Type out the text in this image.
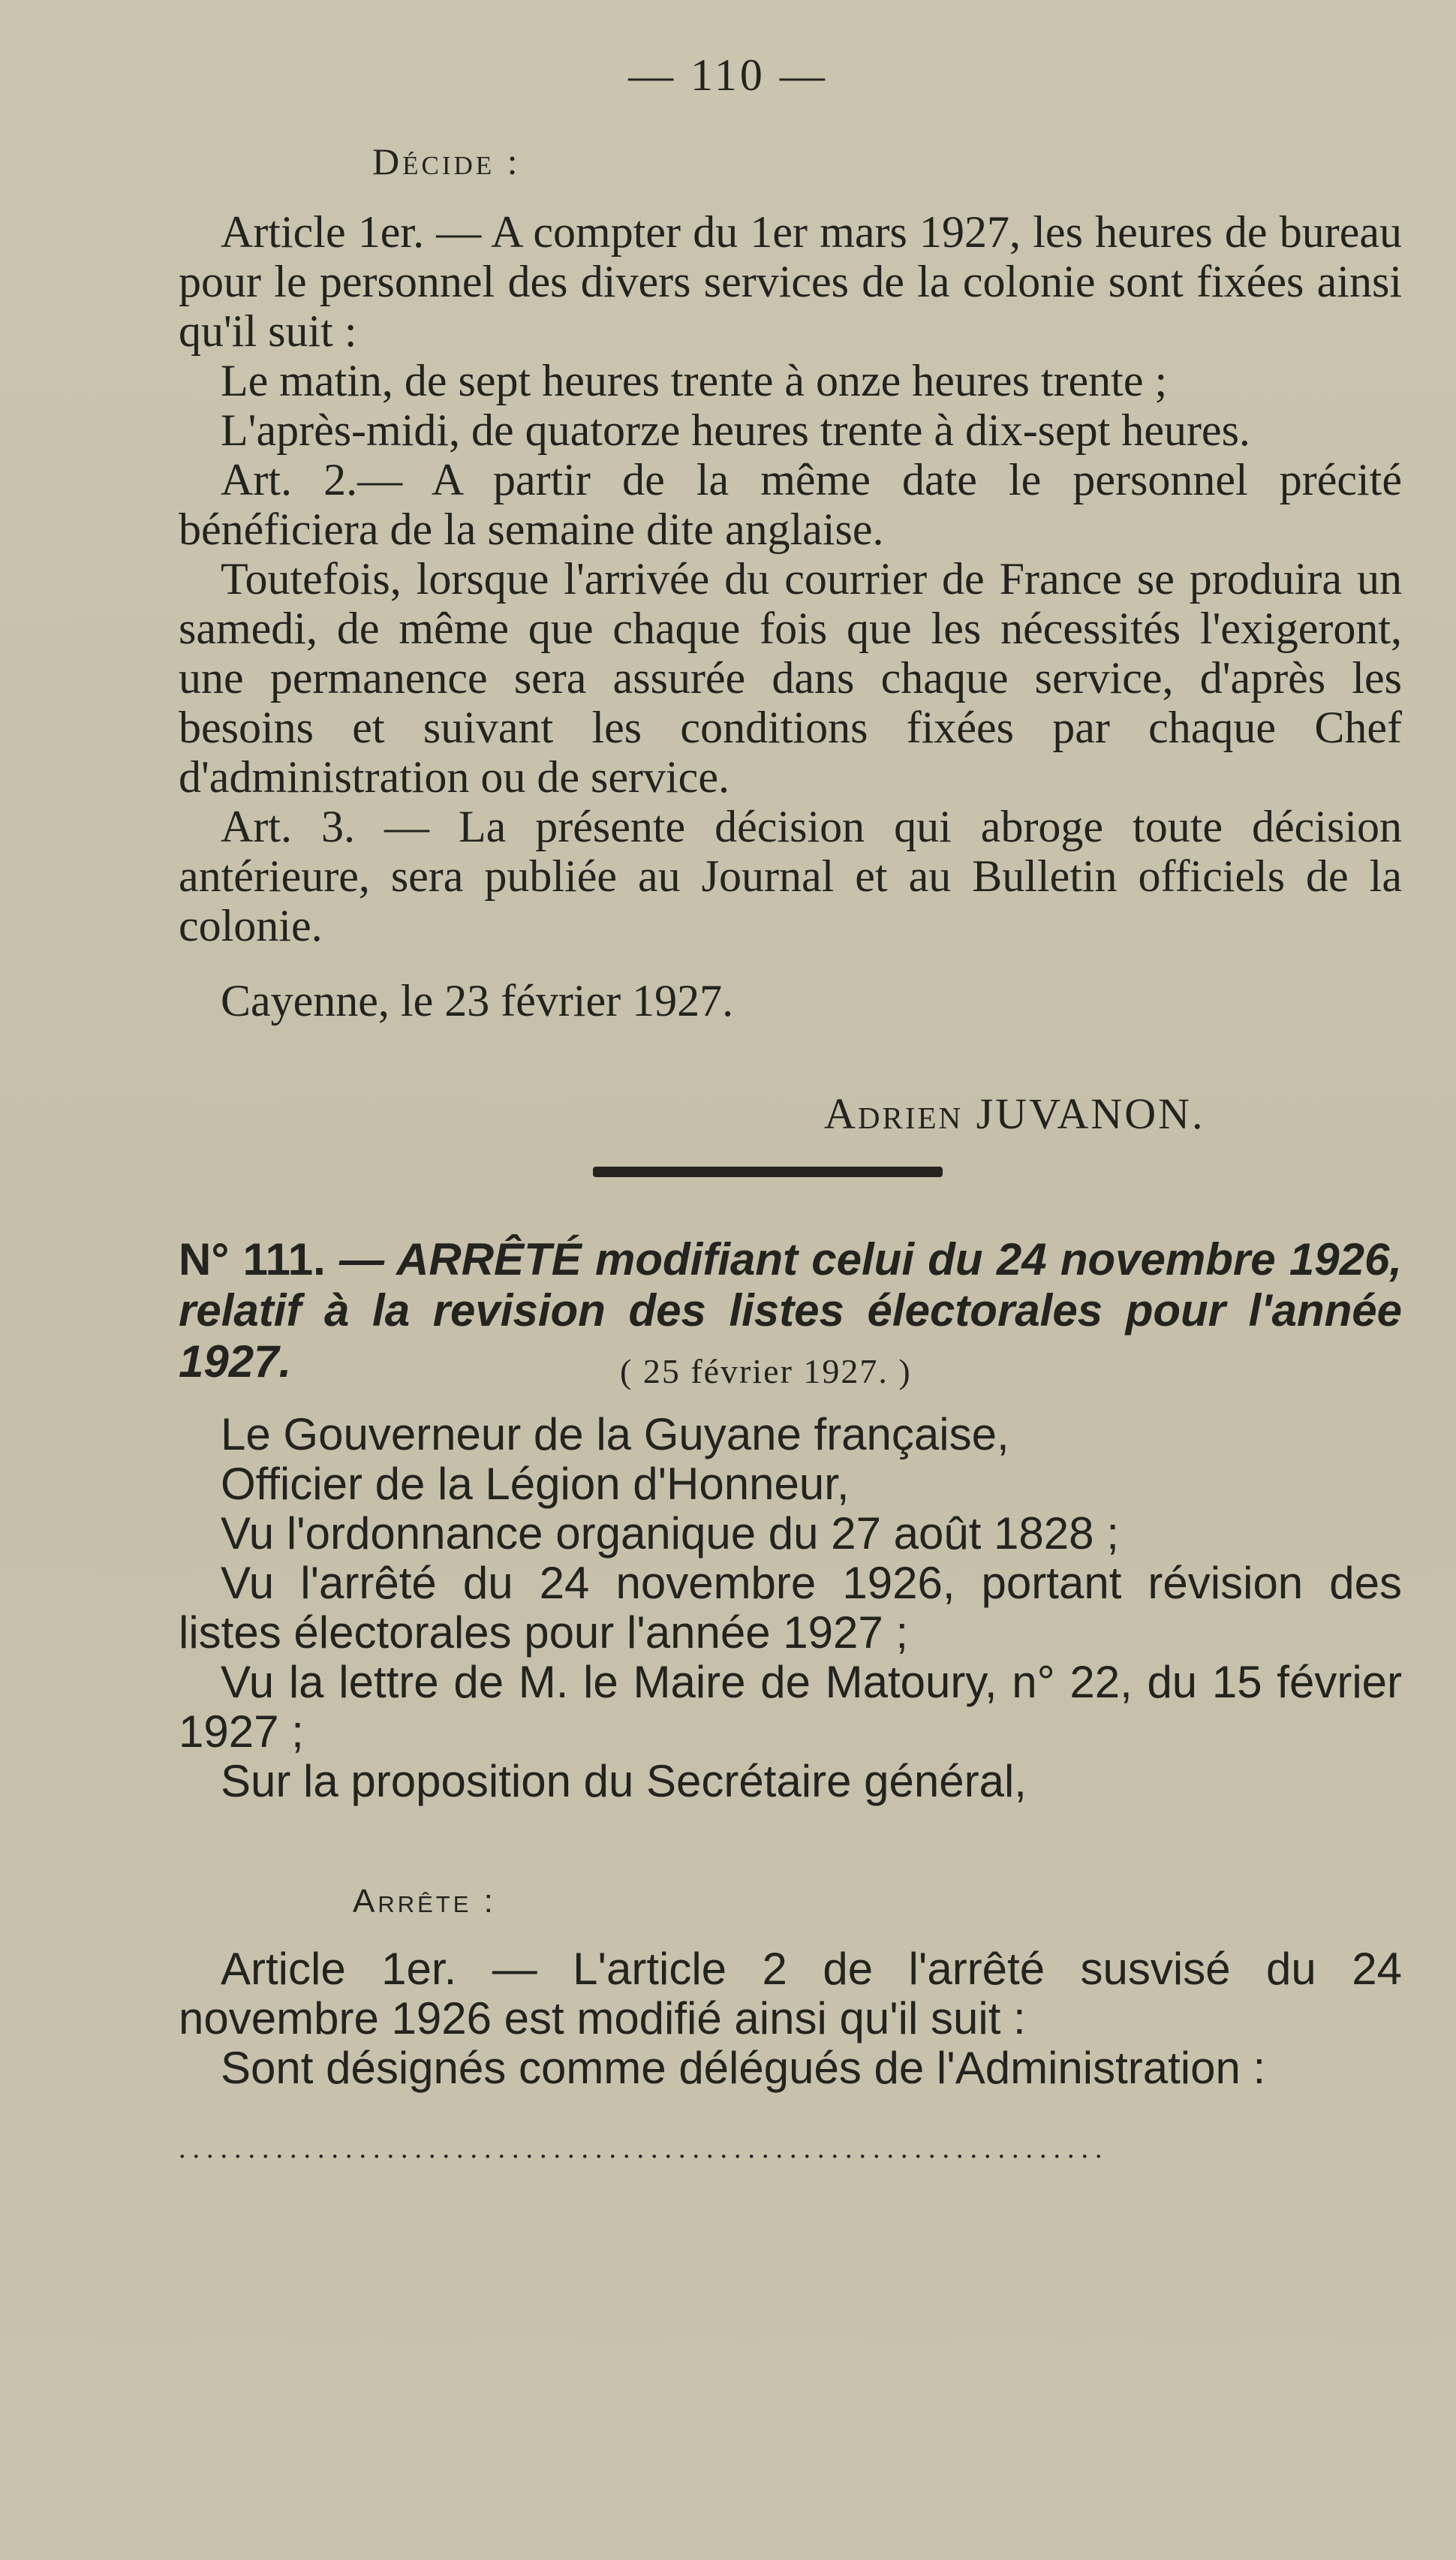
— 110 —
Décide :

Article 1er. — A compter du 1er mars 1927, les heures de bureau pour le personnel des divers services de la colonie sont fixées ainsi qu'il suit :

Le matin, de sept heures trente à onze heures trente ;

L'après-midi, de quatorze heures trente à dix-sept heures.

Art. 2.— A partir de la même date le personnel précité bénéficiera de la semaine dite anglaise.

Toutefois, lorsque l'arrivée du courrier de France se produira un samedi, de même que chaque fois que les nécessités l'exigeront, une permanence sera assurée dans chaque service, d'après les besoins et suivant les conditions fixées par chaque Chef d'administration ou de service.

Art. 3. — La présente décision qui abroge toute décision antérieure, sera publiée au Journal et au Bulletin officiels de la colonie.

Cayenne, le 23 février 1927.

Adrien JUVANON.

N° 111. — ARRÊTÉ modifiant celui du 24 novembre 1926, relatif à la revision des listes électorales pour l'année 1927.	( 25 février 1927. )

Le Gouverneur de la Guyane française,

Officier de la Légion d'Honneur,

Vu l'ordonnance organique du 27 août 1828 ;

Vu l'arrêté du 24 novembre 1926, portant révision des listes électorales pour l'année 1927 ;

Vu la lettre de M. le Maire de Matoury, n° 22, du 15 février 1927 ;

Sur la proposition du Secrétaire général,

Arrête :

Article 1er. — L'article 2 de l'arrêté susvisé du 24 novembre 1926 est modifié ainsi qu'il suit :

Sont désignés comme délégués de l'Administration :

...................................................................
